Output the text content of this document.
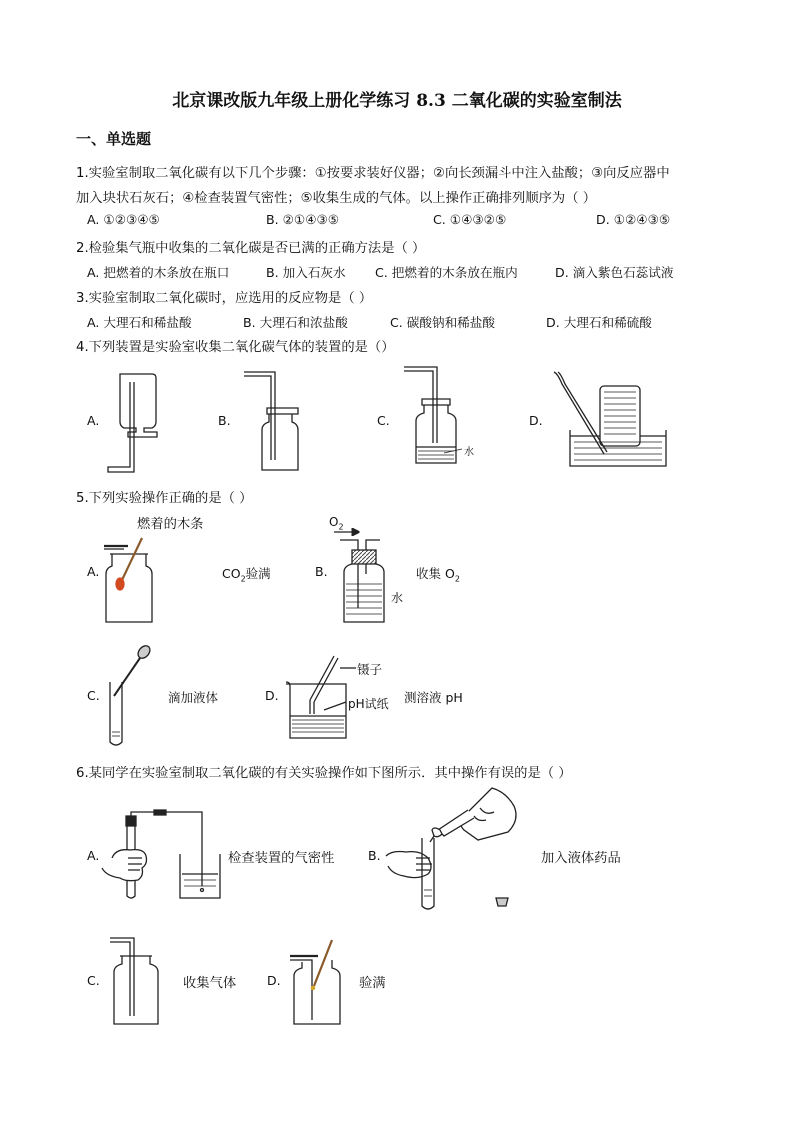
北京课改版九年级上册化学练习 8.3 二氧化碳的实验室制法
一、单选题
1.实验室制取二氧化碳有以下几个步骤：①按要求装好仪器；②向长颈漏斗中注入盐酸；③向反应器中
加入块状石灰石；④检查装置气密性；⑤收集生成的气体。以上操作正确排列顺序为（ ）
A. ①②③④⑤	B. ②①④③⑤	C. ①④③②⑤	D. ①②④③⑤
2.检验集气瓶中收集的二氧化碳是否已满的正确方法是（ ）
A. 把燃着的木条放在瓶口	B. 加入石灰水 C. 把燃着的木条放在瓶内	D. 滴入紫色石蕊试液
3.实验室制取二氧化碳时，应选用的反应物是（ ）
A. 大理石和稀盐酸	B. 大理石和浓盐酸	C. 碳酸钠和稀盐酸	D. 大理石和稀硫酸
4.下列装置是实验室收集二氧化碳气体的装置的是（）
A.	B.	C.	D.
水
5.下列实验操作正确的是（ ）
燃着的木条	$O_2$
A.	$CO_2$验满	B.	收集 $O_2$
水
C.	滴加液体	D.	测溶液 pH
镊子
pH试纸
6.某同学在实验室制取二氧化碳的有关实验操作如下图所示．其中操作有误的是（ ）
A.	检查装置的气密性	B.	加入液体药品
C.	收集气体 D.	验满
